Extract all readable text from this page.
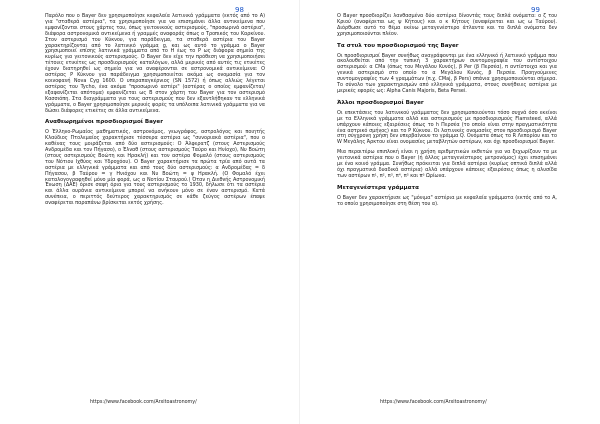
98

Παρόλο που ο Bayer δεν χρησιμοποίησε κεφαλαία λατινικά γράμματα (εκτός από το A) για "σταθερά αστέρια", τα χρησιμοποίησε για να επισημάνει άλλα αντικείμενα που εμφανίζονται στους χάρτες του, όπως γειτονικούς αστερισμούς, "προσωρινά αστέρια", διάφορα αστρονομικά αντικείμενα ή γραμμές αναφοράς όπως ο Τροπικός του Καρκίνου. Στον αστερισμό του Κύκνου, για παράδειγμα, τα σταθερά αστέρια του Bayer χαρακτηρίζονται από το λατινικό γράμμα g, και ως αυτό το γράμμα ο Bayer χρησιμοποιεί επίσης λατινικά γράμματα από το H έως το P ως διάφορα σημεία της κυρίως για γειτονικούς αστερισμούς. Ο Bayer δεν είχε την πρόθεση να χρησιμοποιήσει τέτοιες ετικέτες ως προσδιορισμούς καταλόγων, αλλά μερικές από αυτές τις ετικέτες έχουν διατηρηθεί ως σημεία για να αναφέρονται σε αστρονομικά αντικείμενα: Ο αστέρας P Κύκνου για παράδειγμα χρησιμοποιείται ακόμα ως ονομασία για τον κοινοφανή Nova Cyg 1600. Ο υπεραπαγκέρνιος (SN 1572) ή όπως αλλιώς λέγεται αστέρας του Tycho, ένα ακόμα "προσωρινό αστέρι" (αστέρας ο οποίος εμφανίζεται/εξαφανίζεται απότομα) εμφανίζεται ως B στον χάρτη του Bayer για τον αστερισμό Κασσιόπη. Στα διαγράμματα για τους αστερισμούς που δεν εξαντλήθηκαν τα ελληνικά γράμματα, ο Bayer χρησιμοποίησε μερικές φορές τα υπόλοιπα λατινικά γράμματα για να δώσει διάφορες ετικέτες σε άλλα αντικείμενα.

Αναθεωρημένοι προσδιορισμοί Bayer

Ο Έλληνο-Ρωμαίος μαθηματικός, αστρονόμος, γεωγράφος, αστρολόγος και ποιητής Κλαύδιος Πτολεμαίος χαρακτήρισε τέσσερα αστέρια ως "συνοριακά αστέρια", που ο καθένας τους μοιράζεται από δύο αστερισμούς: Ο Άλφερατζ (στους Αστερισμούς Ανδρομέδα και τον Πήγασο), ο Έλναθ (στους αστερισμούς Ταύρο και Ηνίοχο), Νυ Βοώτη (στους αστερισμούς Βοώτη και Ηρακλή) και τον αστέρα Φομαλό (στους αστερισμούς του Νότιου Ιχθύος και Υδροχόου). Ο Bayer χαρακτήρισε τα πρώτα τρία από αυτά τα αστέρια με ελληνικά γράμματα και από τους δύο αστερισμούς: α Ανδρομέδας = δ Πήγασου, β Ταύρου = γ Ηνιόχου και Νυ Βοώτη = ψ Ηρακλή. (Ο Φομαλό έχει καταλογογραφηθεί μόνο μία φορά, ως α Νοτίου Σταυρού.) Όταν η Διεθνής Αστρονομική Ένωση (ΔΑΕ) όρισε σαφή όρια για τους αστερισμούς το 1930, δήλωσε ότι τα αστέρια και άλλα ουράνια αντικείμενα μπορεί να ανήκουν μόνο σε έναν αστερισμό. Κατά συνέπεια, ο περιττός δεύτερος χαρακτηρισμός σε κάθε ζεύγος αστέρων έπαψε αναφέρεται παραπάνω βρίσκεται εκτός χρήσης.

https://www.facebook.com/Arxitoastronomy/
99

Ο Bayer προσδιορίζει λανθασμένα δύο αστέρια δίνοντάς τους διπλά ονόματα: ο ζ του Κριού (αναφέρεται ως ψ Κήτους) και ο κ Κήτους (αναφέρεται και ως ω Ταύρου). Διόρθωσε αυτό το θέμα εκένω μεταγενέστερο άτλαντα και τα διπλά ονόματα δεν χρησιμοποιούνται πλέον.

Τα στυλ του προσδιορισμού της Bayer

Οι προσδιορισμοί Bayer συνήθως αναγράφονται με ένα ελληνικό ή λατινικό γράμμα που ακολουθείται από την τυπική 3 χαρακτήρων συντομογραφία του αντίστοιχου αστερισμού: α CMa (όπως του Μεγάλου Κυνός), β Per (β Περσέα), π αντίστοιχα και για γενικά αστερισμό στο οποίο το α Μεγάλου Κυνός, β Περσέα. Προηγούμενες συντομογραφίες των 4 γραμμάτων (π.χ. CMaj, β Pers) σπάνια χρησιμοποιούνται σήμερα. Το σύνολο των χαρακτηρισμών από ελληνικά γράμματα, στους συνήθειες αστέρια με μερικές εφορές ως: Alpha Canis Majoris, Beta Persei.

Άλλοι προσδιορισμοί Bayer

Οι επεκτάσεις του λατινικού γράμματος δεν χρησιμοποιούνται τόσο συχνά όσο εκείνοι με τα Ελληνικά γράμματα αλλά και αστερισμούς με προσδιορισμούς Flamsteed, αλλά υπάρχουν κάποιες εξαιρέσεις όπως το h Περσέα (το οποίο είναι στην πραγματικότητα ένα αστρικό σμήνος) και το P Κύκνου. Οι λατινικές ονομασίες στον προσδιορισμό Bayer στη σύγχρονη χρήση δεν υπερβαίνουν το γράμμα Q. Ονόματα όπως το R Λεπορίου και το W Μεγάλης Άρκτου είναι ονομασίες μεταβλητών αστέρων, και όχι προσδιορισμοί Bayer.

Μια περαιτέρω επιπλοκή είναι η χρήση αριθμητικών εκθετών για να ξεχωρίζουν τα με γειτονικά αστέρια που ο Bayer (ή άλλος μεταγενέστερος μετρονόμος) έχει επισημάνει με ένα κοινό γράμμα. Συνήθως πρόκειται για διπλά αστέρια (κυρίως οπτικά διπλά αλλά όχι πραγματικά δυαδικά αστέρια) αλλά υπάρχουν κάποιες εξαιρέσεις όπως η αλυσίδα των αστέρων π¹, π², π³, π⁴, π⁵ και π⁶ Ωρίωνα.

Μεταγενέστερα γράμματα

Ο Bayer δεν χαρακτήρισε ως "μόνιμα" αστέρια με κεφαλαία γράμματα (εκτός από το A, το οποίο χρησιμοποίησε στη θέση του α).

https://www.facebook.com/Arxitoastronomy/
